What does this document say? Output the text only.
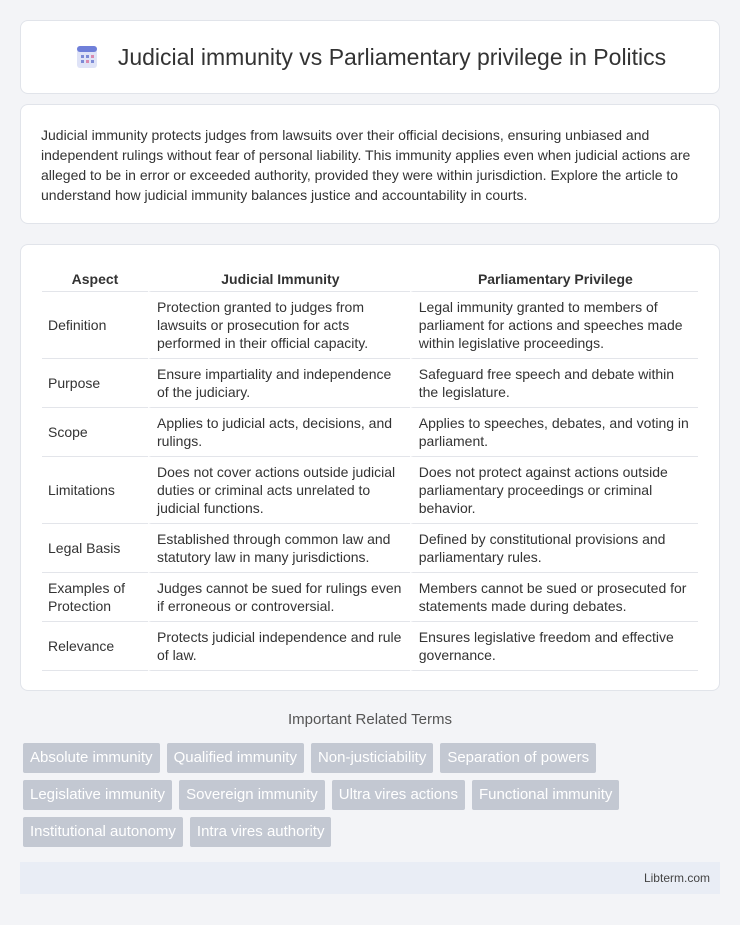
Judicial immunity vs Parliamentary privilege in Politics

Judicial immunity protects judges from lawsuits over their official decisions, ensuring unbiased and independent rulings without fear of personal liability. This immunity applies even when judicial actions are alleged to be in error or exceeded authority, provided they were within jurisdiction. Explore the article to understand how judicial immunity balances justice and accountability in courts.

Aspect	Judicial Immunity	Parliamentary Privilege
Definition	Protection granted to judges from lawsuits or prosecution for acts performed in their official capacity.	Legal immunity granted to members of parliament for actions and speeches made within legislative proceedings.
Purpose	Ensure impartiality and independence of the judiciary.	Safeguard free speech and debate within the legislature.
Scope	Applies to judicial acts, decisions, and rulings.	Applies to speeches, debates, and voting in parliament.
Limitations	Does not cover actions outside judicial duties or criminal acts unrelated to judicial functions.	Does not protect against actions outside parliamentary proceedings or criminal behavior.
Legal Basis	Established through common law and statutory law in many jurisdictions.	Defined by constitutional provisions and parliamentary rules.
Examples of Protection	Judges cannot be sued for rulings even if erroneous or controversial.	Members cannot be sued or prosecuted for statements made during debates.
Relevance	Protects judicial independence and rule of law.	Ensures legislative freedom and effective governance.
Important Related Terms
Absolute immunity	Qualified immunity	Non-justiciability	Separation of powers
Legislative immunity	Sovereign immunity	Ultra vires actions	Functional immunity
Institutional autonomy	Intra vires authority
Libterm.com
